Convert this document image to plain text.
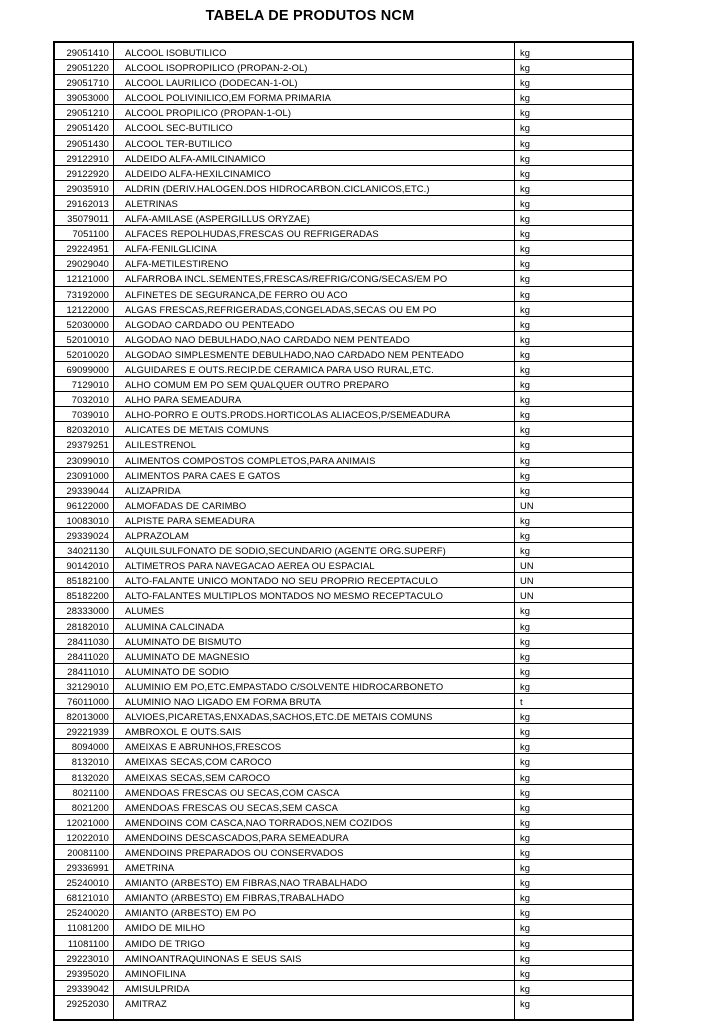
TABELA DE PRODUTOS NCM
29051410 ALCOOL ISOBUTILICO	kg
29051220 ALCOOL ISOPROPILICO (PROPAN-2-OL)	kg
29051710 ALCOOL LAURILICO (DODECAN-1-OL)	kg
39053000 ALCOOL POLIVINILICO,EM FORMA PRIMARIA	kg
29051210 ALCOOL PROPILICO (PROPAN-1-OL)	kg
29051420 ALCOOL SEC-BUTILICO	kg
29051430 ALCOOL TER-BUTILICO	kg
29122910 ALDEIDO ALFA-AMILCINAMICO	kg
29122920 ALDEIDO ALFA-HEXILCINAMICO	kg
29035910 ALDRIN (DERIV.HALOGEN.DOS HIDROCARBON.CICLANICOS,ETC.)	kg
29162013 ALETRINAS	kg
35079011 ALFA-AMILASE (ASPERGILLUS ORYZAE)	kg
7051100 ALFACES REPOLHUDAS,FRESCAS OU REFRIGERADAS	kg
29224951 ALFA-FENILGLICINA	kg
29029040 ALFA-METILESTIRENO	kg
12121000 ALFARROBA INCL.SEMENTES,FRESCAS/REFRIG/CONG/SECAS/EM PO	kg
73192000 ALFINETES DE SEGURANCA,DE FERRO OU ACO	kg
12122000 ALGAS FRESCAS,REFRIGERADAS,CONGELADAS,SECAS OU EM PO	kg
52030000 ALGODAO CARDADO OU PENTEADO	kg
52010010 ALGODAO NAO DEBULHADO,NAO CARDADO NEM PENTEADO	kg
52010020 ALGODAO SIMPLESMENTE DEBULHADO,NAO CARDADO NEM PENTEADO	kg
69099000 ALGUIDARES E OUTS.RECIP.DE CERAMICA PARA USO RURAL,ETC.	kg
7129010 ALHO COMUM EM PO SEM QUALQUER OUTRO PREPARO	kg
7032010 ALHO PARA SEMEADURA	kg
7039010 ALHO-PORRO E OUTS.PRODS.HORTICOLAS ALIACEOS,P/SEMEADURA	kg
82032010 ALICATES DE METAIS COMUNS	kg
29379251 ALILESTRENOL	kg
23099010 ALIMENTOS COMPOSTOS COMPLETOS,PARA ANIMAIS	kg
23091000 ALIMENTOS PARA CAES E GATOS	kg
29339044 ALIZAPRIDA	kg
96122000 ALMOFADAS DE CARIMBO	UN
10083010 ALPISTE PARA SEMEADURA	kg
29339024 ALPRAZOLAM	kg
34021130 ALQUILSULFONATO DE SODIO,SECUNDARIO (AGENTE ORG.SUPERF)	kg
90142010 ALTIMETROS PARA NAVEGACAO AEREA OU ESPACIAL	UN
85182100 ALTO-FALANTE UNICO MONTADO NO SEU PROPRIO RECEPTACULO	UN
85182200 ALTO-FALANTES MULTIPLOS MONTADOS NO MESMO RECEPTACULO	UN
28333000 ALUMES	kg
28182010 ALUMINA CALCINADA	kg
28411030 ALUMINATO DE BISMUTO	kg
28411020 ALUMINATO DE MAGNESIO	kg
28411010 ALUMINATO DE SODIO	kg
32129010 ALUMINIO EM PO,ETC.EMPASTADO C/SOLVENTE HIDROCARBONETO	kg
76011000 ALUMINIO NAO LIGADO EM FORMA BRUTA	t
82013000 ALVIOES,PICARETAS,ENXADAS,SACHOS,ETC.DE METAIS COMUNS	kg
29221939 AMBROXOL E OUTS.SAIS	kg
8094000 AMEIXAS E ABRUNHOS,FRESCOS	kg
8132010 AMEIXAS SECAS,COM CAROCO	kg
8132020 AMEIXAS SECAS,SEM CAROCO	kg
8021100 AMENDOAS FRESCAS OU SECAS,COM CASCA	kg
8021200 AMENDOAS FRESCAS OU SECAS,SEM CASCA	kg
12021000 AMENDOINS COM CASCA,NAO TORRADOS,NEM COZIDOS	kg
12022010 AMENDOINS DESCASCADOS,PARA SEMEADURA	kg
20081100 AMENDOINS PREPARADOS OU CONSERVADOS	kg
29336991 AMETRINA	kg
25240010 AMIANTO (ARBESTO) EM FIBRAS,NAO TRABALHADO	kg
68121010 AMIANTO (ARBESTO) EM FIBRAS,TRABALHADO	kg
25240020 AMIANTO (ARBESTO) EM PO	kg
11081200 AMIDO DE MILHO	kg
11081100 AMIDO DE TRIGO	kg
29223010 AMINOANTRAQUINONAS E SEUS SAIS	kg
29395020 AMINOFILINA	kg
29339042 AMISULPRIDA	kg
29252030 AMITRAZ	kg
